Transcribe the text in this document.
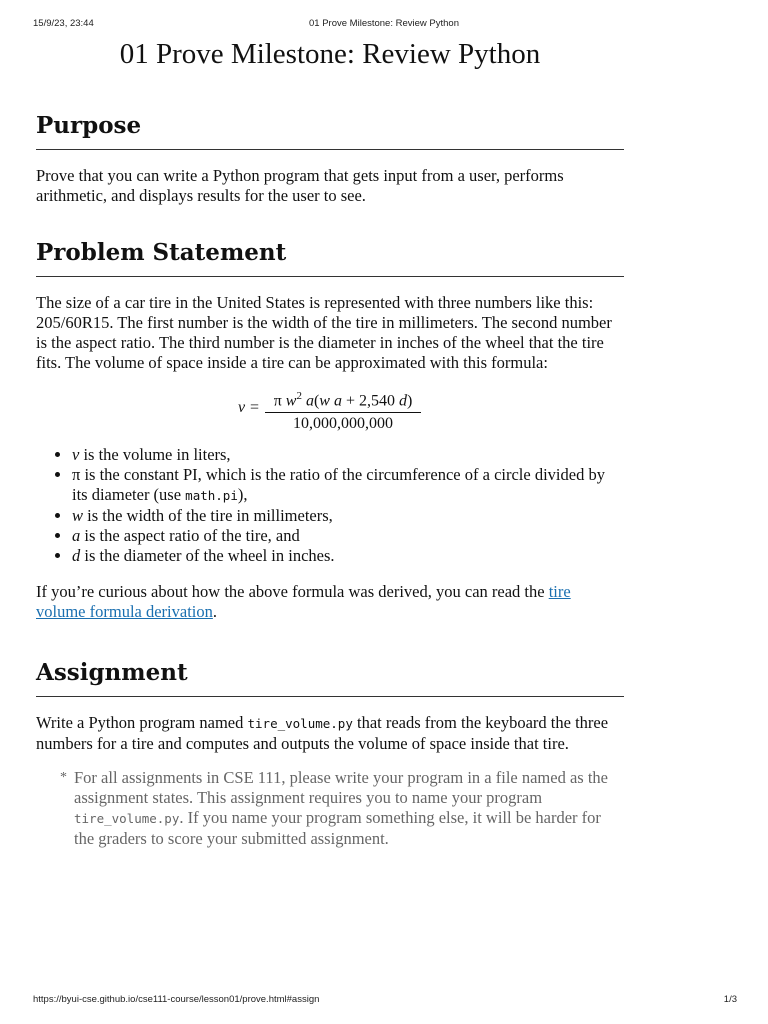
15/9/23, 23:44	01 Prove Milestone: Review Python
01 Prove Milestone: Review Python
Purpose

Prove that you can write a Python program that gets input from a user, performs arithmetic, and displays results for the user to see.

Problem Statement

The size of a car tire in the United States is represented with three numbers like this: 205/60R15. The first number is the width of the tire in millimeters. The second number is the aspect ratio. The third number is the diameter in inches of the wheel that the tire fits. The volume of space inside a tire can be approximated with this formula:

$v = \frac{\pi w^2 a(w a + 2,540 d)}{10,000,000,000}$
• v is the volume in liters,
• π is the constant PI, which is the ratio of the circumference of a circle divided by its diameter (use math.pi),
• w is the width of the tire in millimeters,
• a is the aspect ratio of the tire, and
• d is the diameter of the wheel in inches.

If you’re curious about how the above formula was derived, you can read the tire volume formula derivation.

Assignment

Write a Python program named tire_volume.py that reads from the keyboard the three numbers for a tire and computes and outputs the volume of space inside that tire.

* For all assignments in CSE 111, please write your program in a file named as the assignment states. This assignment requires you to name your program tire_volume.py. If you name your program something else, it will be harder for the graders to score your submitted assignment.
https://byui-cse.github.io/cse111-course/lesson01/prove.html#assign	1/3
